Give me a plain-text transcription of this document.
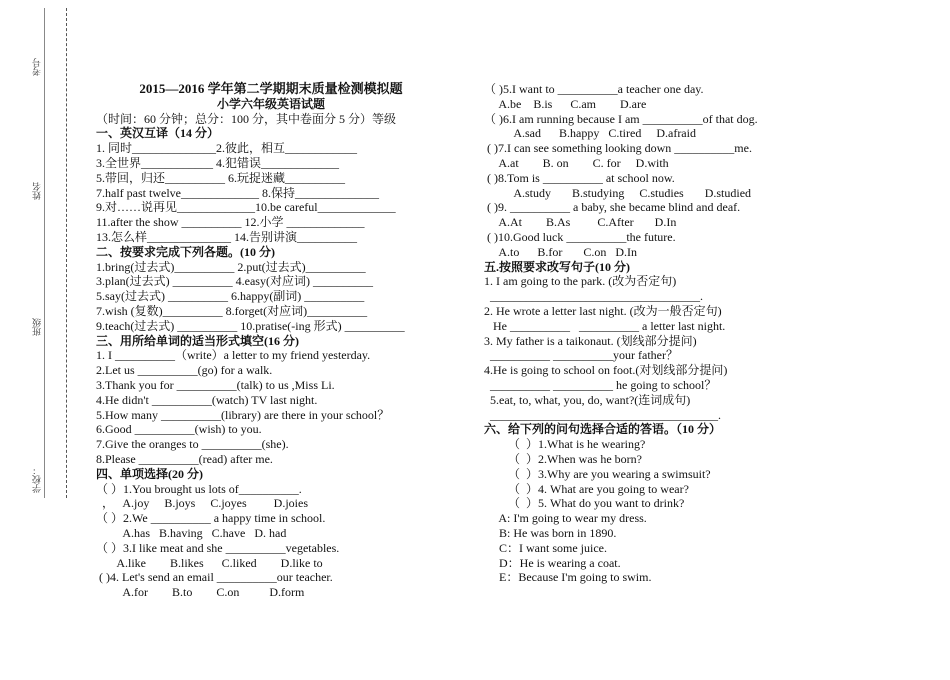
考号
姓名
班级
学校：
2015—2016 学年第二学期期末质量检测模拟题
小学六年级英语试题
（时间：60 分钟；总分：100 分，其中卷面分 5 分）等级
一、英汉互译（14 分）
1. 同时______________2.彼此，相互____________
3.全世界____________ 4.犯错误_____________
5.带回，归还__________ 6.玩捉迷藏__________
7.half past twelve_____________ 8.保持______________
9.对……说再见_____________10.be careful_____________
11.after the show __________ 12.小学 _____________
13.怎么样______________ 14.告别讲演__________
二、按要求完成下列各题。(10 分)
1.bring(过去式)__________ 2.put(过去式)__________
3.plan(过去式) __________ 4.easy(对应词) __________
5.say(过去式) __________ 6.happy(副词) __________
7.wish (复数)__________ 8.forget(对应词)__________
9.teach(过去式) __________ 10.pratise(-ing 形式) __________
三、用所给单词的适当形式填空(16 分)
1. I __________（write）a letter to my friend yesterday.
2.Let us __________(go) for a walk.
3.Thank you for __________(talk) to us ,Miss Li.
4.He didn't __________(watch) TV last night.
5.How many __________(library) are there in your school？
6.Good __________(wish) to you.
7.Give the oranges to __________(she).
8.Please __________(read) after me.
四、单项选择(20 分)
（ ）1.You brought us lots of__________.
，   A.joy     B.joys     C.joyes         D.joies
（ ）2.We __________ a happy time in school.
A.has   B.having   C.have   D. had
（ ）3.I like meat and she __________vegetables.
A.like        B.likes      C.liked        D.like to
( )4. Let's send an email __________our teacher.
A.for        B.to        C.on          D.form
（ )5.I want to __________a teacher one day.
A.be    B.is      C.am        D.are
（ )6.I am running because I am __________of that dog.
A.sad      B.happy   C.tired     D.afraid
( )7.I can see something looking down __________me.
A.at        B. on        C. for     D.with
( )8.Tom is __________ at school now.
A.study       B.studying     C.studies       D.studied
( )9. __________ a baby, she became blind and deaf.
A.At        B.As         C.After       D.In
( )10.Good luck __________the future.
A.to      B.for       C.on   D.In
五.按照要求改写句子(10 分)
1. I am going to the park. (改为否定句)
___________________________________.
2. He wrote a letter last night. (改为一般否定句)
He __________   __________ a letter last night.
3. My father is a taikonaut. (划线部分提问)
__________ __________your father？
4.He is going to school on foot.(对划线部分提问)
__________ __________ he going to school？
5.eat, to, what, you, do, want?(连词成句)
______________________________________.
六、给下列的问句选择合适的答语。（10 分）
（  ）1.What is he wearing?
（  ）2.When was he born?
（  ）3.Why are you wearing a swimsuit?
（  ）4. What are you going to wear?
（  ）5. What do you want to drink?
A: I'm going to wear my dress.
B: He was born in 1890.
C：I want some juice.
D：He is wearing a coat.
E：Because I'm going to swim.
